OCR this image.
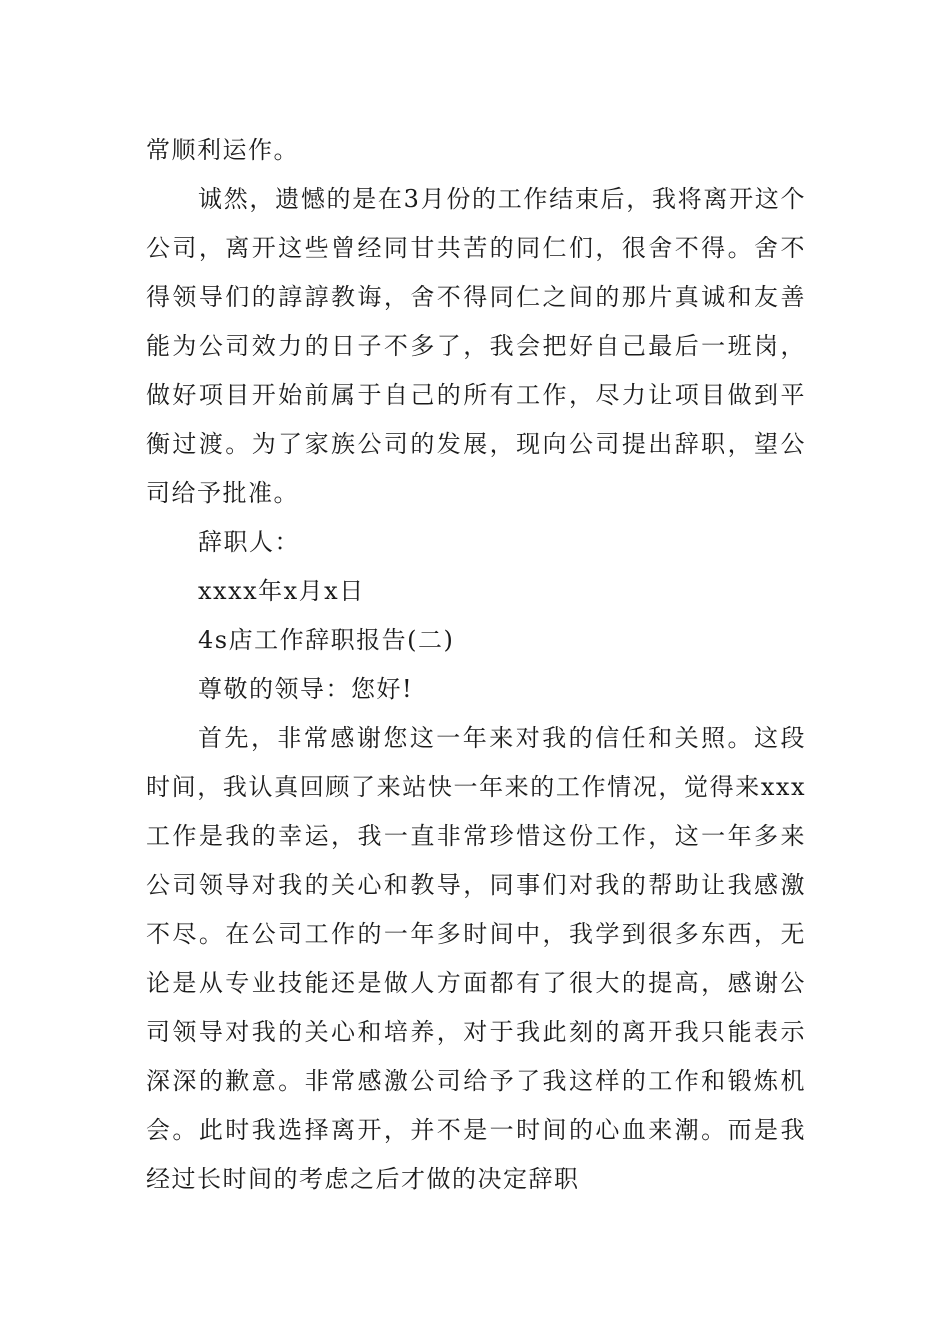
常顺利运作。

诚然，遗憾的是在3月份的工作结束后，我将离开这个公司，离开这些曾经同甘共苦的同仁们，很舍不得。舍不得领导们的諄諄教诲，舍不得同仁之间的那片真诚和友善能为公司效力的日子不多了，我会把好自己最后一班岗，做好项目开始前属于自己的所有工作，尽力让项目做到平衡过渡。为了家族公司的发展，现向公司提出辞职，望公司给予批准。

辞职人：

xxxx年x月x日

4s店工作辞职报告(二)

尊敬的领导：您好!

首先，非常感谢您这一年来对我的信任和关照。这段时间，我认真回顾了来站快一年来的工作情况，觉得来xxx工作是我的幸运，我一直非常珍惜这份工作，这一年多来公司领导对我的关心和教导，同事们对我的帮助让我感激不尽。在公司工作的一年多时间中，我学到很多东西，无论是从专业技能还是做人方面都有了很大的提高，感谢公司领导对我的关心和培养，对于我此刻的离开我只能表示深深的歉意。非常感激公司给予了我这样的工作和锻炼机会。此时我选择离开，并不是一时间的心血来潮。而是我经过长时间的考虑之后才做的决定辞职
